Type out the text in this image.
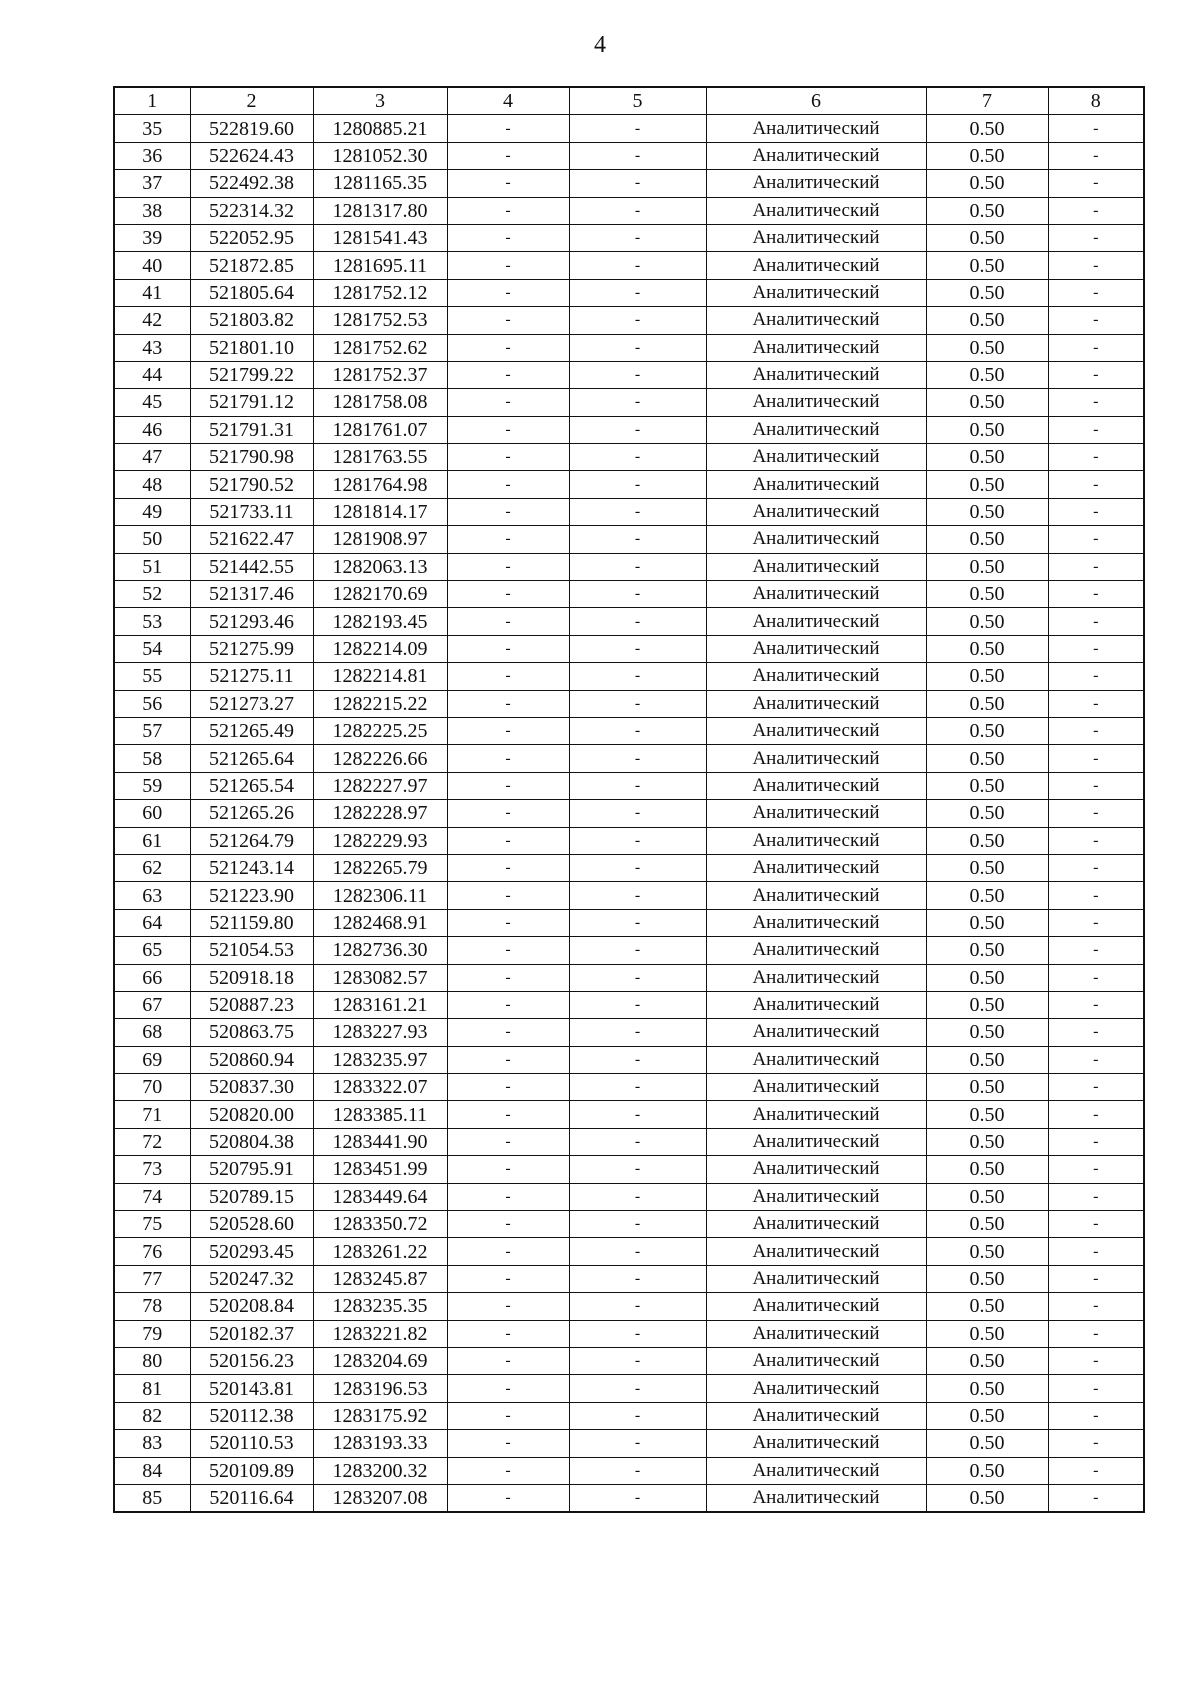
4
1	2	3	4	5	6	7	8
35	522819.60	1280885.21	-	-	Аналитический	0.50	-
36	522624.43	1281052.30	-	-	Аналитический	0.50	-
37	522492.38	1281165.35	-	-	Аналитический	0.50	-
38	522314.32	1281317.80	-	-	Аналитический	0.50	-
39	522052.95	1281541.43	-	-	Аналитический	0.50	-
40	521872.85	1281695.11	-	-	Аналитический	0.50	-
41	521805.64	1281752.12	-	-	Аналитический	0.50	-
42	521803.82	1281752.53	-	-	Аналитический	0.50	-
43	521801.10	1281752.62	-	-	Аналитический	0.50	-
44	521799.22	1281752.37	-	-	Аналитический	0.50	-
45	521791.12	1281758.08	-	-	Аналитический	0.50	-
46	521791.31	1281761.07	-	-	Аналитический	0.50	-
47	521790.98	1281763.55	-	-	Аналитический	0.50	-
48	521790.52	1281764.98	-	-	Аналитический	0.50	-
49	521733.11	1281814.17	-	-	Аналитический	0.50	-
50	521622.47	1281908.97	-	-	Аналитический	0.50	-
51	521442.55	1282063.13	-	-	Аналитический	0.50	-
52	521317.46	1282170.69	-	-	Аналитический	0.50	-
53	521293.46	1282193.45	-	-	Аналитический	0.50	-
54	521275.99	1282214.09	-	-	Аналитический	0.50	-
55	521275.11	1282214.81	-	-	Аналитический	0.50	-
56	521273.27	1282215.22	-	-	Аналитический	0.50	-
57	521265.49	1282225.25	-	-	Аналитический	0.50	-
58	521265.64	1282226.66	-	-	Аналитический	0.50	-
59	521265.54	1282227.97	-	-	Аналитический	0.50	-
60	521265.26	1282228.97	-	-	Аналитический	0.50	-
61	521264.79	1282229.93	-	-	Аналитический	0.50	-
62	521243.14	1282265.79	-	-	Аналитический	0.50	-
63	521223.90	1282306.11	-	-	Аналитический	0.50	-
64	521159.80	1282468.91	-	-	Аналитический	0.50	-
65	521054.53	1282736.30	-	-	Аналитический	0.50	-
66	520918.18	1283082.57	-	-	Аналитический	0.50	-
67	520887.23	1283161.21	-	-	Аналитический	0.50	-
68	520863.75	1283227.93	-	-	Аналитический	0.50	-
69	520860.94	1283235.97	-	-	Аналитический	0.50	-
70	520837.30	1283322.07	-	-	Аналитический	0.50	-
71	520820.00	1283385.11	-	-	Аналитический	0.50	-
72	520804.38	1283441.90	-	-	Аналитический	0.50	-
73	520795.91	1283451.99	-	-	Аналитический	0.50	-
74	520789.15	1283449.64	-	-	Аналитический	0.50	-
75	520528.60	1283350.72	-	-	Аналитический	0.50	-
76	520293.45	1283261.22	-	-	Аналитический	0.50	-
77	520247.32	1283245.87	-	-	Аналитический	0.50	-
78	520208.84	1283235.35	-	-	Аналитический	0.50	-
79	520182.37	1283221.82	-	-	Аналитический	0.50	-
80	520156.23	1283204.69	-	-	Аналитический	0.50	-
81	520143.81	1283196.53	-	-	Аналитический	0.50	-
82	520112.38	1283175.92	-	-	Аналитический	0.50	-
83	520110.53	1283193.33	-	-	Аналитический	0.50	-
84	520109.89	1283200.32	-	-	Аналитический	0.50	-
85	520116.64	1283207.08	-	-	Аналитический	0.50	-
